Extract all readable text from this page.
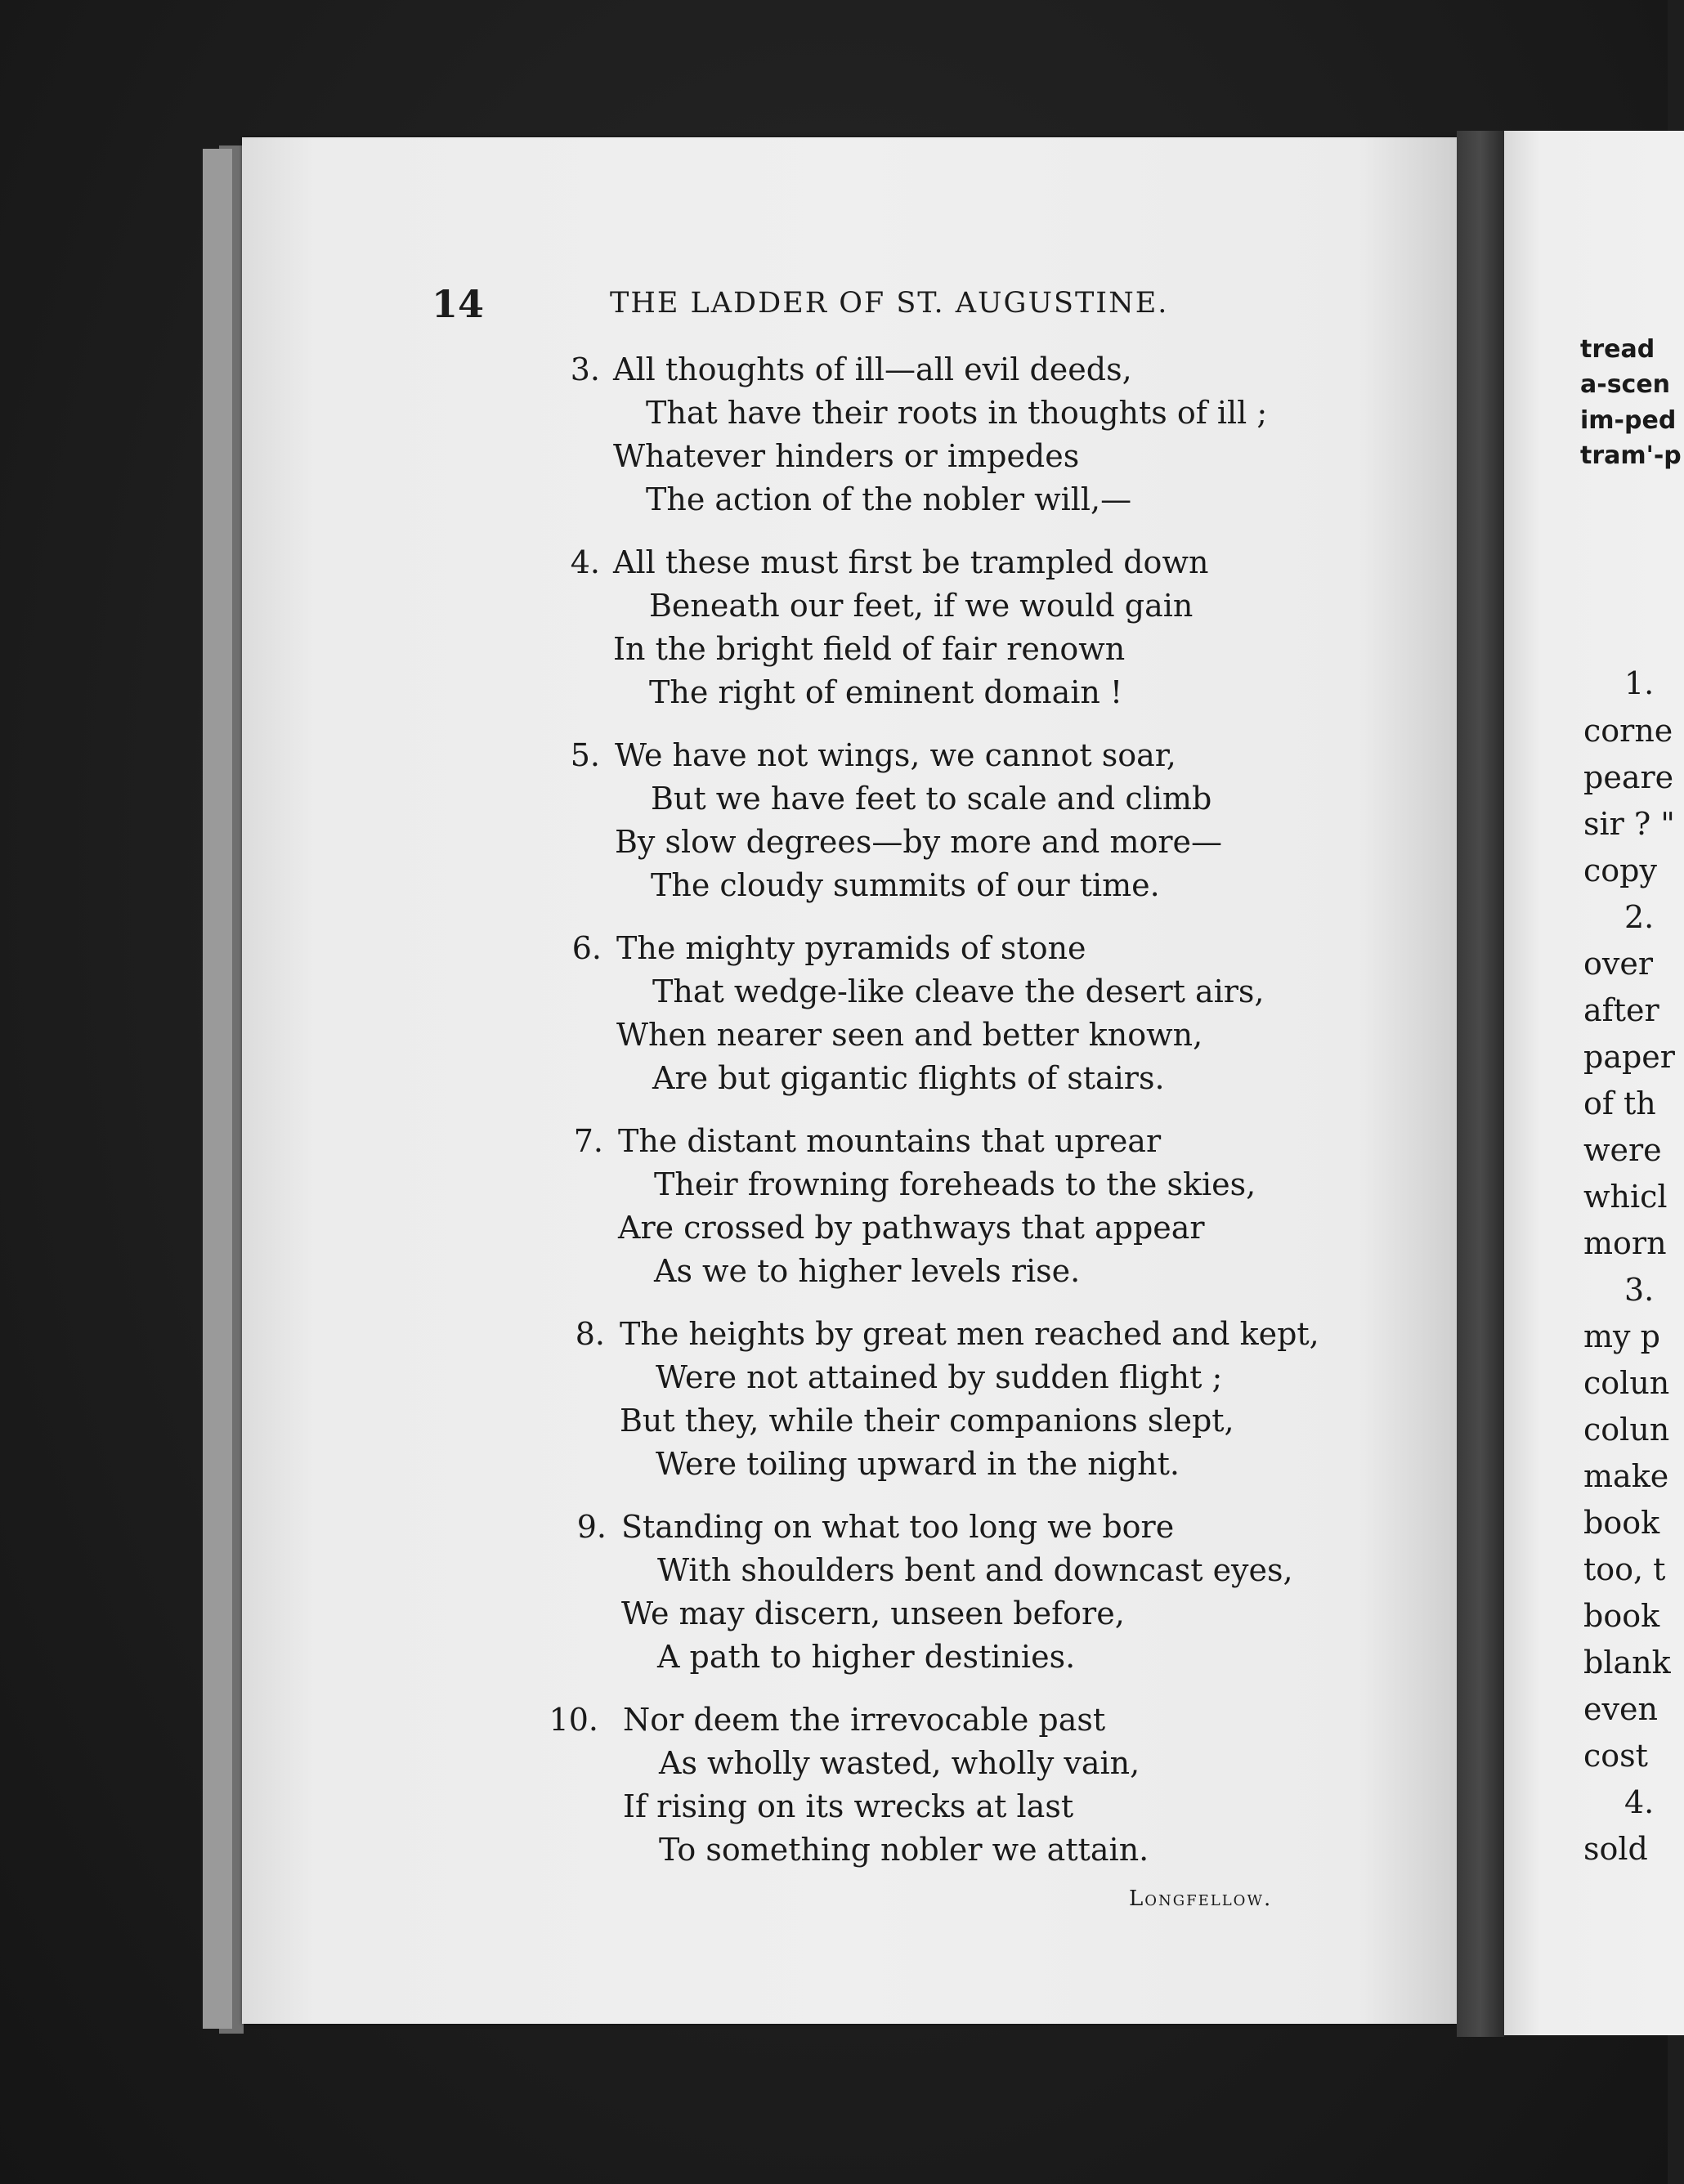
14	THE LADDER OF ST. AUGUSTINE.
3. All thoughts of ill—all evil deeds,
That have their roots in thoughts of ill ;
Whatever hinders or impedes
The action of the nobler will,—
4. All these must first be trampled down
Beneath our feet, if we would gain
In the bright field of fair renown
The right of eminent domain !
5. We have not wings, we cannot soar,
But we have feet to scale and climb
By slow degrees—by more and more—
The cloudy summits of our time.
6. The mighty pyramids of stone
That wedge-like cleave the desert airs,
When nearer seen and better known,
Are but gigantic flights of stairs.
7. The distant mountains that uprear
Their frowning foreheads to the skies,
Are crossed by pathways that appear
As we to higher levels rise.
8. The heights by great men reached and kept,
Were not attained by sudden flight ;
But they, while their companions slept,
Were toiling upward in the night.
9. Standing on what too long we bore
With shoulders bent and downcast eyes,
We may discern, unseen before,
A path to higher destinies.
10. Nor deem the irrevocable past
As wholly wasted, wholly vain,
If rising on its wrecks at last
To something nobler we attain.
Longfellow.
tread
a-scen
im-ped
tram'-p
1.
corne
peare
sir ? "
copy
2.
over
after
paper
of th
were
whicl
morn
3.
my p
colun
colun
make
book
too, t
book
blank
even
cost
4.
sold
